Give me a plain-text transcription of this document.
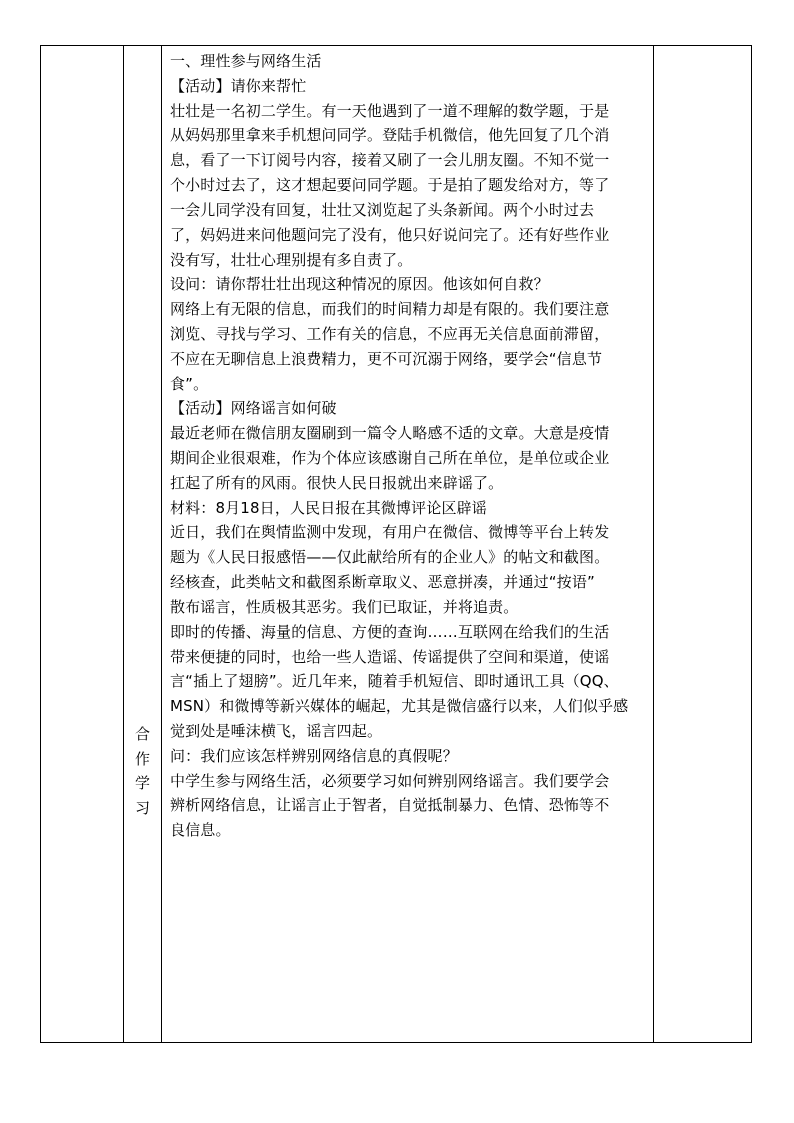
合
作
学
习
一、理性参与网络生活
【活动】请你来帮忙
壮壮是一名初二学生。有一天他遇到了一道不理解的数学题，于是
从妈妈那里拿来手机想问同学。登陆手机微信，他先回复了几个消
息，看了一下订阅号内容，接着又刷了一会儿朋友圈。不知不觉一
个小时过去了，这才想起要问同学题。于是拍了题发给对方，等了
一会儿同学没有回复，壮壮又浏览起了头条新闻。两个小时过去
了，妈妈进来问他题问完了没有，他只好说问完了。还有好些作业
没有写，壮壮心理别提有多自责了。
设问：请你帮壮壮出现这种情况的原因。他该如何自救？
网络上有无限的信息，而我们的时间精力却是有限的。我们要注意
浏览、寻找与学习、工作有关的信息，不应再无关信息面前滞留，
不应在无聊信息上浪费精力，更不可沉溺于网络，要学会“信息节
食”。
【活动】网络谣言如何破
最近老师在微信朋友圈刷到一篇令人略感不适的文章。大意是疫情
期间企业很艰难，作为个体应该感谢自己所在单位，是单位或企业
扛起了所有的风雨。很快人民日报就出来辟谣了。
材料：8月18日，人民日报在其微博评论区辟谣
近日，我们在舆情监测中发现，有用户在微信、微博等平台上转发
题为《人民日报感悟——仅此献给所有的企业人》的帖文和截图。
经核查，此类帖文和截图系断章取义、恶意拼凑，并通过“按语”
散布谣言，性质极其恶劣。我们已取证，并将追责。
即时的传播、海量的信息、方便的查询……互联网在给我们的生活
带来便捷的同时，也给一些人造谣、传谣提供了空间和渠道，使谣
言“插上了翅膀”。近几年来，随着手机短信、即时通讯工具（QQ、
MSN）和微博等新兴媒体的崛起，尤其是微信盛行以来，人们似乎感
觉到处是唾沫横飞，谣言四起。
问：我们应该怎样辨别网络信息的真假呢？
中学生参与网络生活，必须要学习如何辨别网络谣言。我们要学会
辨析网络信息，让谣言止于智者，自觉抵制暴力、色情、恐怖等不
良信息。
